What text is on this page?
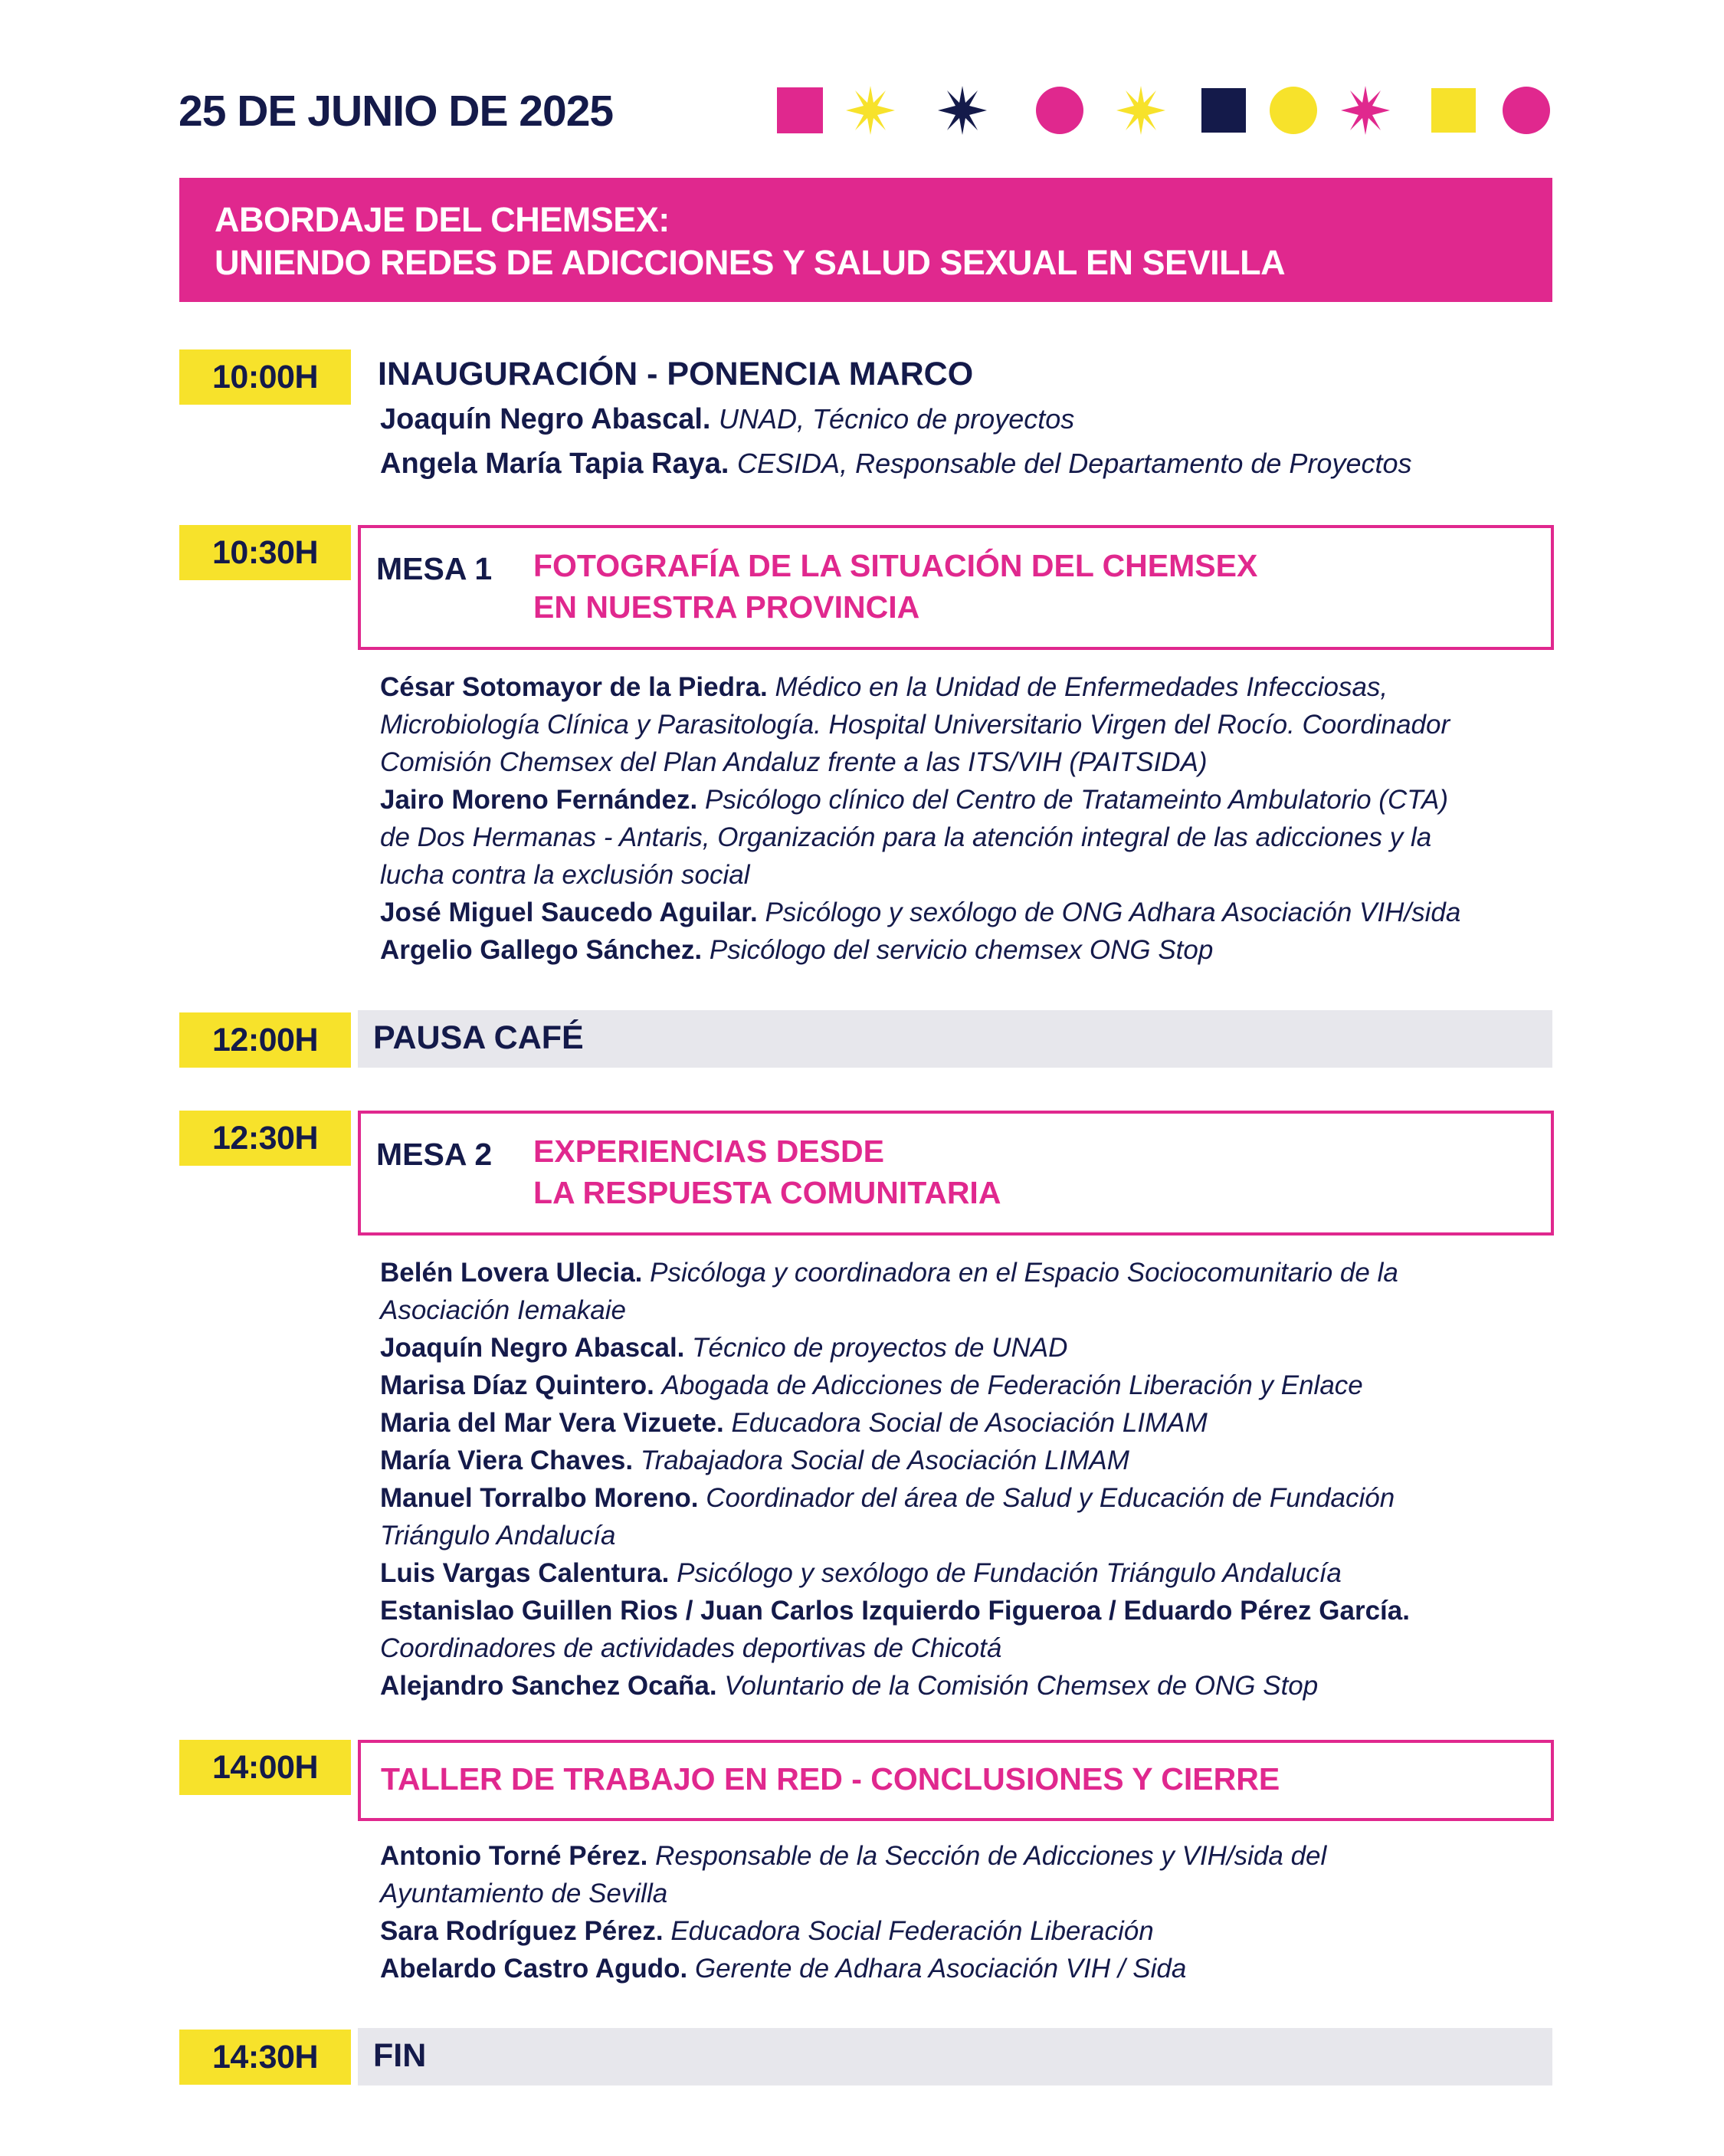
25 DE JUNIO DE 2025
ABORDAJE DEL CHEMSEX:
UNIENDO REDES DE ADICCIONES Y SALUD SEXUAL EN SEVILLA
10:00H	INAUGURACIÓN - PONENCIA MARCO
Joaquín Negro Abascal. UNAD, Técnico de proyectos
Angela María Tapia Raya. CESIDA, Responsable del Departamento de Proyectos
10:30H	MESA 1 FOTOGRAFÍA DE LA SITUACIÓN DEL CHEMSEX
EN NUESTRA PROVINCIA
César Sotomayor de la Piedra. Médico en la Unidad de Enfermedades Infecciosas,
Microbiología Clínica y Parasitología. Hospital Universitario Virgen del Rocío. Coordinador
Comisión Chemsex del Plan Andaluz frente a las ITS/VIH (PAITSIDA)
Jairo Moreno Fernández. Psicólogo clínico del Centro de Tratameinto Ambulatorio (CTA)
de Dos Hermanas - Antaris, Organización para la atención integral de las adicciones y la
lucha contra la exclusión social
José Miguel Saucedo Aguilar. Psicólogo y sexólogo de ONG Adhara Asociación VIH/sida
Argelio Gallego Sánchez. Psicólogo del servicio chemsex ONG Stop
12:00H	PAUSA CAFÉ
12:30H	MESA 2 EXPERIENCIAS DESDE
LA RESPUESTA COMUNITARIA
Belén Lovera Ulecia. Psicóloga y coordinadora en el Espacio Sociocomunitario de la
Asociación Iemakaie
Joaquín Negro Abascal. Técnico de proyectos de UNAD
Marisa Díaz Quintero. Abogada de Adicciones de Federación Liberación y Enlace
Maria del Mar Vera Vizuete. Educadora Social de Asociación LIMAM
María Viera Chaves. Trabajadora Social de Asociación LIMAM
Manuel Torralbo Moreno. Coordinador del área de Salud y Educación de Fundación
Triángulo Andalucía
Luis Vargas Calentura. Psicólogo y sexólogo de Fundación Triángulo Andalucía
Estanislao Guillen Rios / Juan Carlos Izquierdo Figueroa / Eduardo Pérez García.
Coordinadores de actividades deportivas de Chicotá
Alejandro Sanchez Ocaña. Voluntario de la Comisión Chemsex de ONG Stop
14:00H	TALLER DE TRABAJO EN RED - CONCLUSIONES Y CIERRE
Antonio Torné Pérez. Responsable de la Sección de Adicciones y VIH/sida del
Ayuntamiento de Sevilla
Sara Rodríguez Pérez. Educadora Social Federación Liberación
Abelardo Castro Agudo. Gerente de Adhara Asociación VIH / Sida
14:30H	FIN
